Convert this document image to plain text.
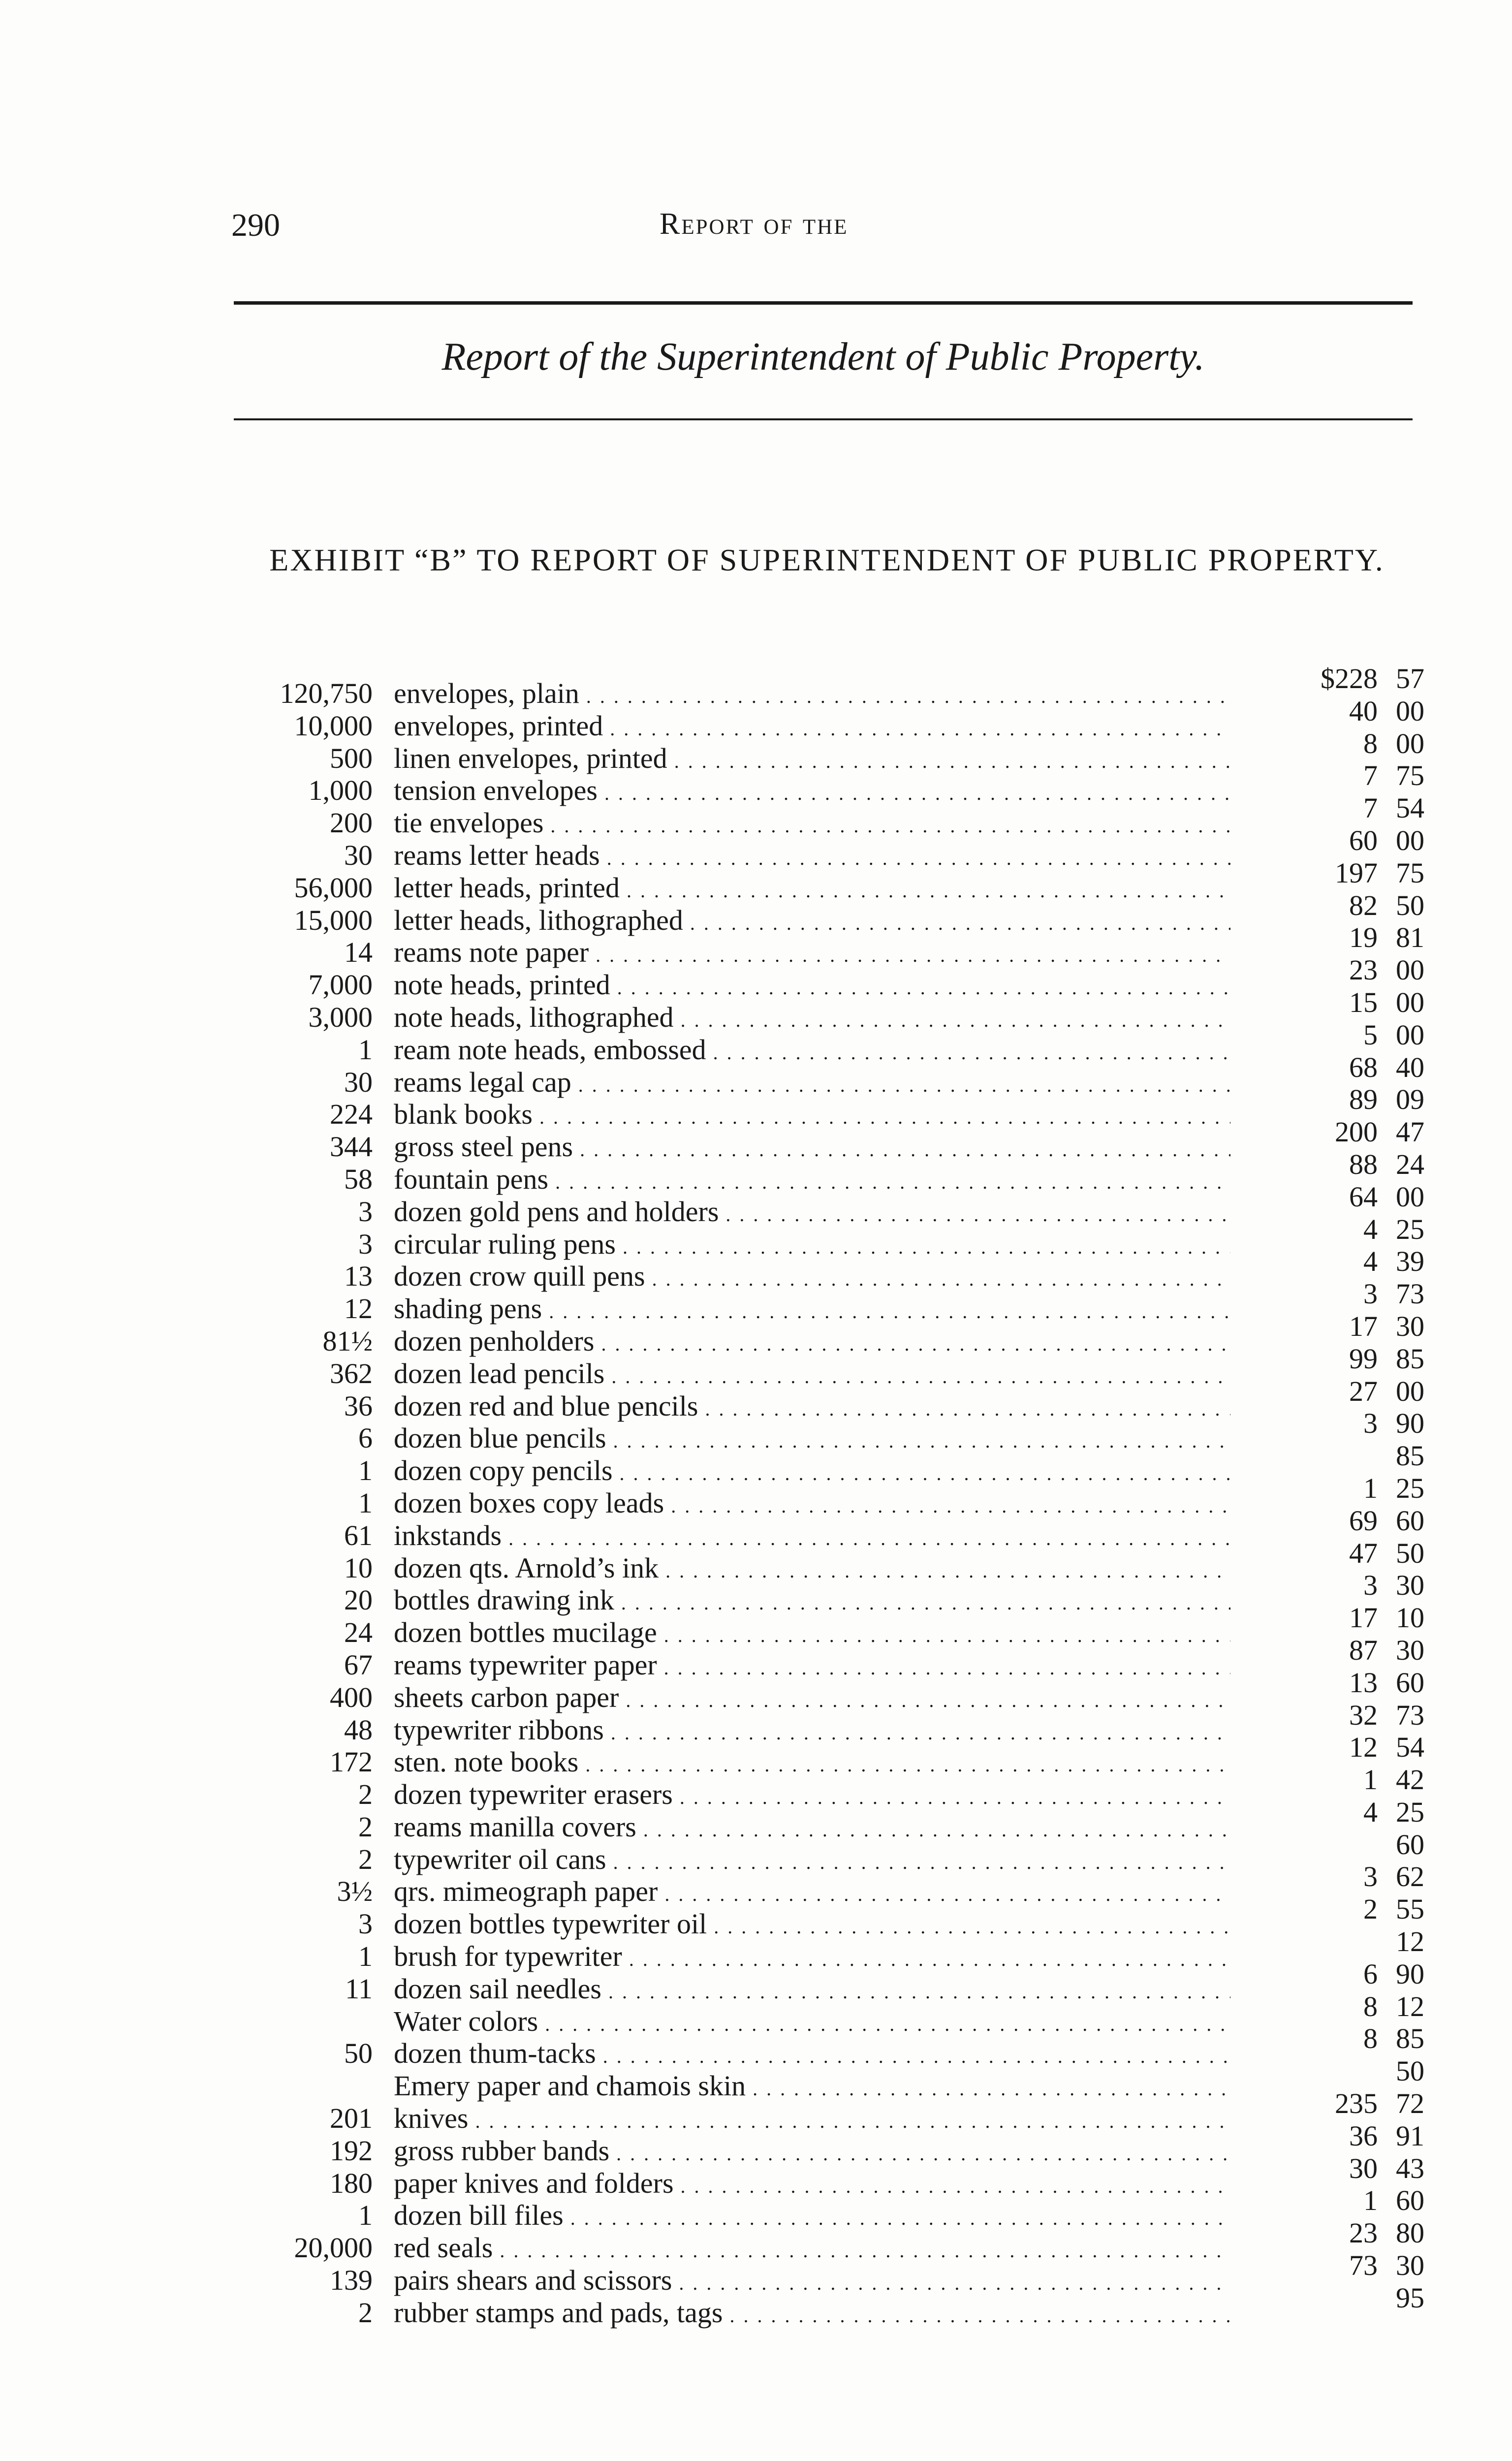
290	Report of the
Report of the Superintendent of Public Property.
EXHIBIT “B” TO REPORT OF SUPERINTENDENT OF PUBLIC PROPERTY.
120,750 envelopes, plain . . .	$228 57
10,000 envelopes, printed . . .	40 00
500 linen envelopes, printed . . .	8 00
1,000 tension envelopes . . .	7 75
200 tie envelopes . . .	7 54
30 reams letter heads . . .	60 00
56,000 letter heads, printed . . .	197 75
15,000 letter heads, lithographed . . .	82 50
14 reams note paper . . .	19 81
7,000 note heads, printed . . .	23 00
3,000 note heads, lithographed . . .	15 00
1 ream note heads, embossed . . .	5 00
30 reams legal cap . . .	68 40
224 blank books . . .	89 09
344 gross steel pens . . .	200 47
58 fountain pens . . .	88 24
3 dozen gold pens and holders . . .	64 00
3 circular ruling pens . . .	4 25
13 dozen crow quill pens . . .	4 39
12 shading pens . . .	3 73
81½ dozen penholders . . .	17 30
362 dozen lead pencils . . .	99 85
36 dozen red and blue pencils . . .	27 00
6 dozen blue pencils . . .	3 90
1 dozen copy pencils . . .	85
1 dozen boxes copy leads . . .	1 25
61 inkstands . . .	69 60
10 dozen qts. Arnold’s ink . . .	47 50
20 bottles drawing ink . . .	3 30
24 dozen bottles mucilage . . .	17 10
67 reams typewriter paper . . .	87 30
400 sheets carbon paper . . .	13 60
48 typewriter ribbons . . .	32 73
172 sten. note books . . .	12 54
2 dozen typewriter erasers . . .	1 42
2 reams manilla covers . . .	4 25
2 typewriter oil cans . . .	60
3½ qrs. mimeograph paper . . .	3 62
3 dozen bottles typewriter oil . . .	2 55
1 brush for typewriter . . .	12
11 dozen sail needles . . .	6 90
Water colors . . .	8 12
50 dozen thum-tacks . . .	8 85
Emery paper and chamois skin . . .	50
201 knives . . .	235 72
192 gross rubber bands . . .	36 91
180 paper knives and folders . . .	30 43
1 dozen bill files . . .	1 60
20,000 red seals . . .	23 80
139 pairs shears and scissors . . .	73 30
2 rubber stamps and pads, tags . . .	95
